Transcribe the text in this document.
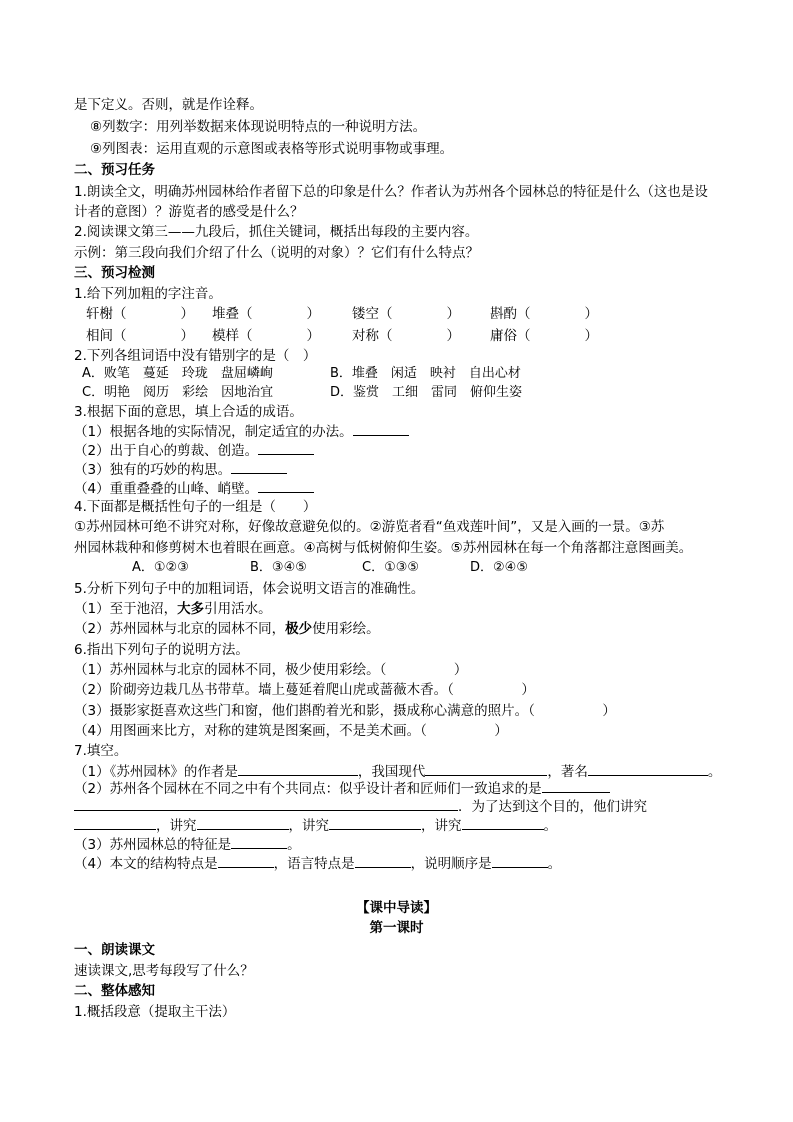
是下定义。否则，就是作诠释。
⑧列数字：用列举数据来体现说明特点的一种说明方法。
⑨列图表：运用直观的示意图或表格等形式说明事物或事理。
二、预习任务
1.朗读全文，明确苏州园林给作者留下总的印象是什么？作者认为苏州各个园林总的特征是什么（这也是设
计者的意图）？游览者的感受是什么？
2.阅读课文第三——九段后，抓住关键词，概括出每段的主要内容。
示例：第三段向我们介绍了什么（说明的对象）？它们有什么特点？
三、预习检测
1.给下列加粗的字注音。
轩榭（　　　　） 堆叠（　　　　） 镂空（　　　　） 斟酌（　　　　）
相间（　　　　） 模样（　　　　） 对称（　　　　） 庸俗（　　　　）
2.下列各组词语中没有错别字的是（　）
A．败笔　蔓延　玲珑　盘屈嶙峋	B．堆叠　闲适　映衬　自出心材
C．明艳　阅历　彩绘　因地治宜	D．鉴赏　工细　雷同　俯仰生姿
3.根据下面的意思，填上合适的成语。
（1）根据各地的实际情况，制定适宜的办法。
（2）出于自心的剪裁、创造。
（3）独有的巧妙的构思。
（4）重重叠叠的山峰、峭壁。
4.下面都是概括性句子的一组是（　　）
①苏州园林可绝不讲究对称，好像故意避免似的。②游览者看“鱼戏莲叶间”，又是入画的一景。③苏
州园林栽种和修剪树木也着眼在画意。④高树与低树俯仰生姿。⑤苏州园林在每一个角落都注意图画美。
A．①②③	B．③④⑤	C．①③⑤	D．②④⑤
5.分析下列句子中的加粗词语，体会说明文语言的准确性。
（1）至于池沼，大多引用活水。
（2）苏州园林与北京的园林不同，极少使用彩绘。
6.指出下列句子的说明方法。
（1）苏州园林与北京的园林不同，极少使用彩绘。（　　　　　）
（2）阶砌旁边栽几丛书带草。墙上蔓延着爬山虎或蔷薇木香。（　　　　　）
（3）摄影家挺喜欢这些门和窗，他们斟酌着光和影，摄成称心满意的照片。（　　　　　）
（4）用图画来比方，对称的建筑是图案画，不是美术画。（　　　　　）
7.填空。
（1）《苏州园林》的作者是	，我国现代	，著名	。
（2）苏州各个园林在不同之中有个共同点：似乎设计者和匠师们一致追求的是
．为了达到这个目的，他们讲究
，讲究	，讲究	，讲究	。
（3）苏州园林总的特征是	。
（4）本文的结构特点是	，语言特点是	，说明顺序是	。
【课中导读】
第一课时
一、朗读课文
速读课文,思考每段写了什么？
二、整体感知
1.概括段意（提取主干法）
